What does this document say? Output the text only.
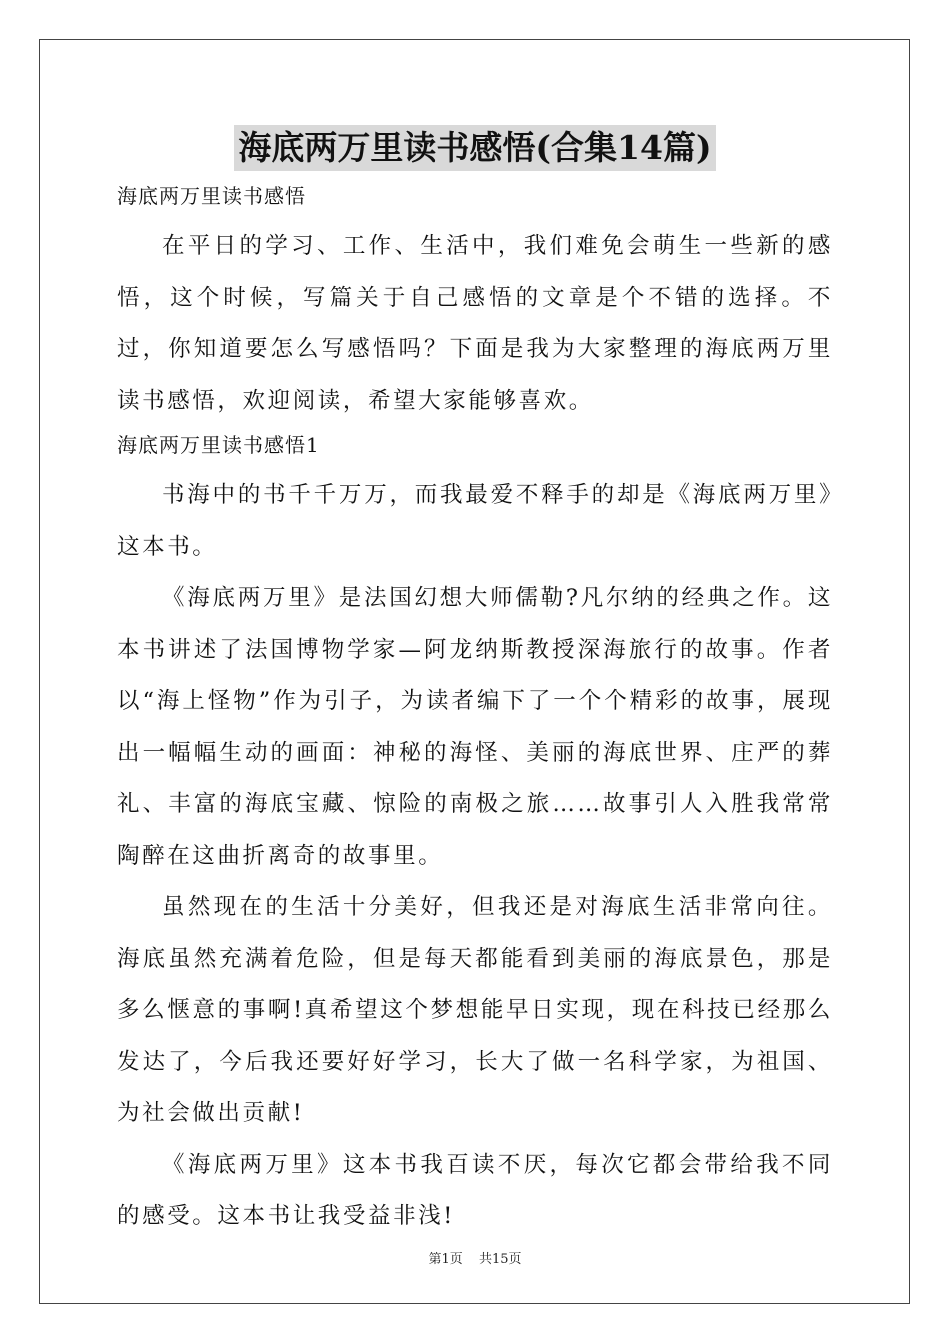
海底两万里读书感悟(合集14篇)
海底两万里读书感悟

在平日的学习、工作、生活中，我们难免会萌生一些新的感悟，这个时候，写篇关于自己感悟的文章是个不错的选择。不过，你知道要怎么写感悟吗？下面是我为大家整理的海底两万里读书感悟，欢迎阅读，希望大家能够喜欢。

海底两万里读书感悟1

书海中的书千千万万，而我最爱不释手的却是《海底两万里》这本书。

《海底两万里》是法国幻想大师儒勒?凡尔纳的经典之作。这本书讲述了法国博物学家—阿龙纳斯教授深海旅行的故事。作者以“海上怪物”作为引子，为读者编下了一个个精彩的故事，展现出一幅幅生动的画面：神秘的海怪、美丽的海底世界、庄严的葬礼、丰富的海底宝藏、惊险的南极之旅……故事引人入胜我常常陶醉在这曲折离奇的故事里。

虽然现在的生活十分美好，但我还是对海底生活非常向往。海底虽然充满着危险，但是每天都能看到美丽的海底景色，那是多么惬意的事啊!真希望这个梦想能早日实现，现在科技已经那么发达了，今后我还要好好学习，长大了做一名科学家，为祖国、为社会做出贡献!

《海底两万里》这本书我百读不厌，每次它都会带给我不同的感受。这本书让我受益非浅!

第1页 共15页
